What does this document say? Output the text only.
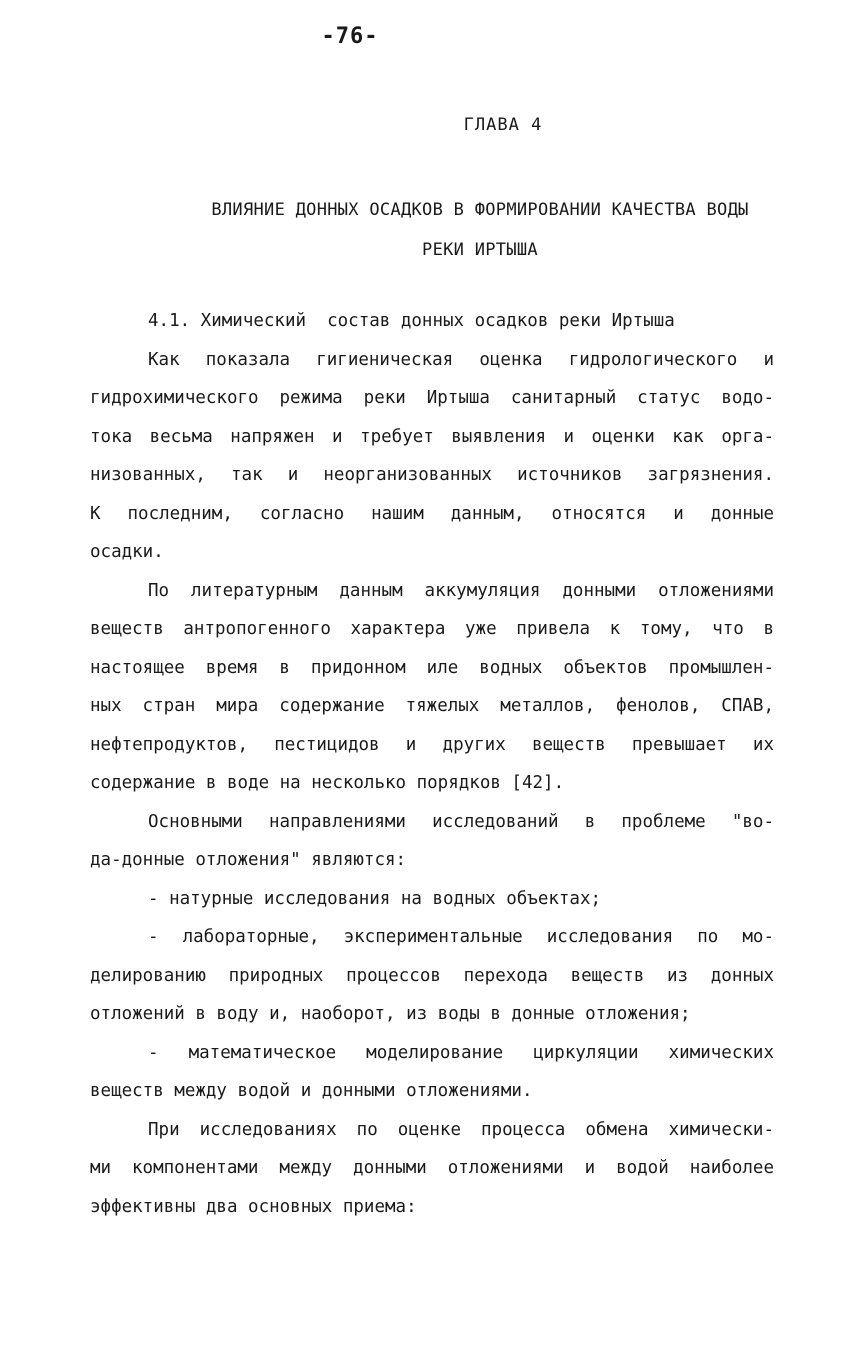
-76-
ГЛАВА 4
ВЛИЯНИЕ ДОННЫХ ОСАДКОВ В ФОРМИРОВАНИИ КАЧЕСТВА ВОДЫ
РЕКИ ИРТЫША
4.1. Химический  состав донных осадков реки Иртыша

Как показала гигиеническая оценка гидрологического и
гидрохимического режима реки Иртыша санитарный статус водо-
тока весьма напряжен и требует выявления и оценки как орга-
низованных, так и неорганизованных источников загрязнения.
К последним, согласно нашим данным, относятся и донные
осадки.

По литературным данным аккумуляция донными отложениями
веществ антропогенного характера уже привела к тому, что в
настоящее время в придонном иле водных объектов промышлен-
ных стран мира содержание тяжелых металлов, фенолов, СПАВ,
нефтепродуктов, пестицидов и других веществ превышает их
содержание в воде на несколько порядков [42].

Основными направлениями исследований в проблеме "во-
да-донные отложения" являются:

- натурные исследования на водных объектах;

- лабораторные, экспериментальные исследования по мо-
делированию природных процессов перехода веществ из донных
отложений в воду и, наоборот, из воды в донные отложения;

- математическое моделирование циркуляции химических
веществ между водой и донными отложениями.

При исследованиях по оценке процесса обмена химически-
ми компонентами между донными отложениями и водой наиболее
эффективны два основных приема:
